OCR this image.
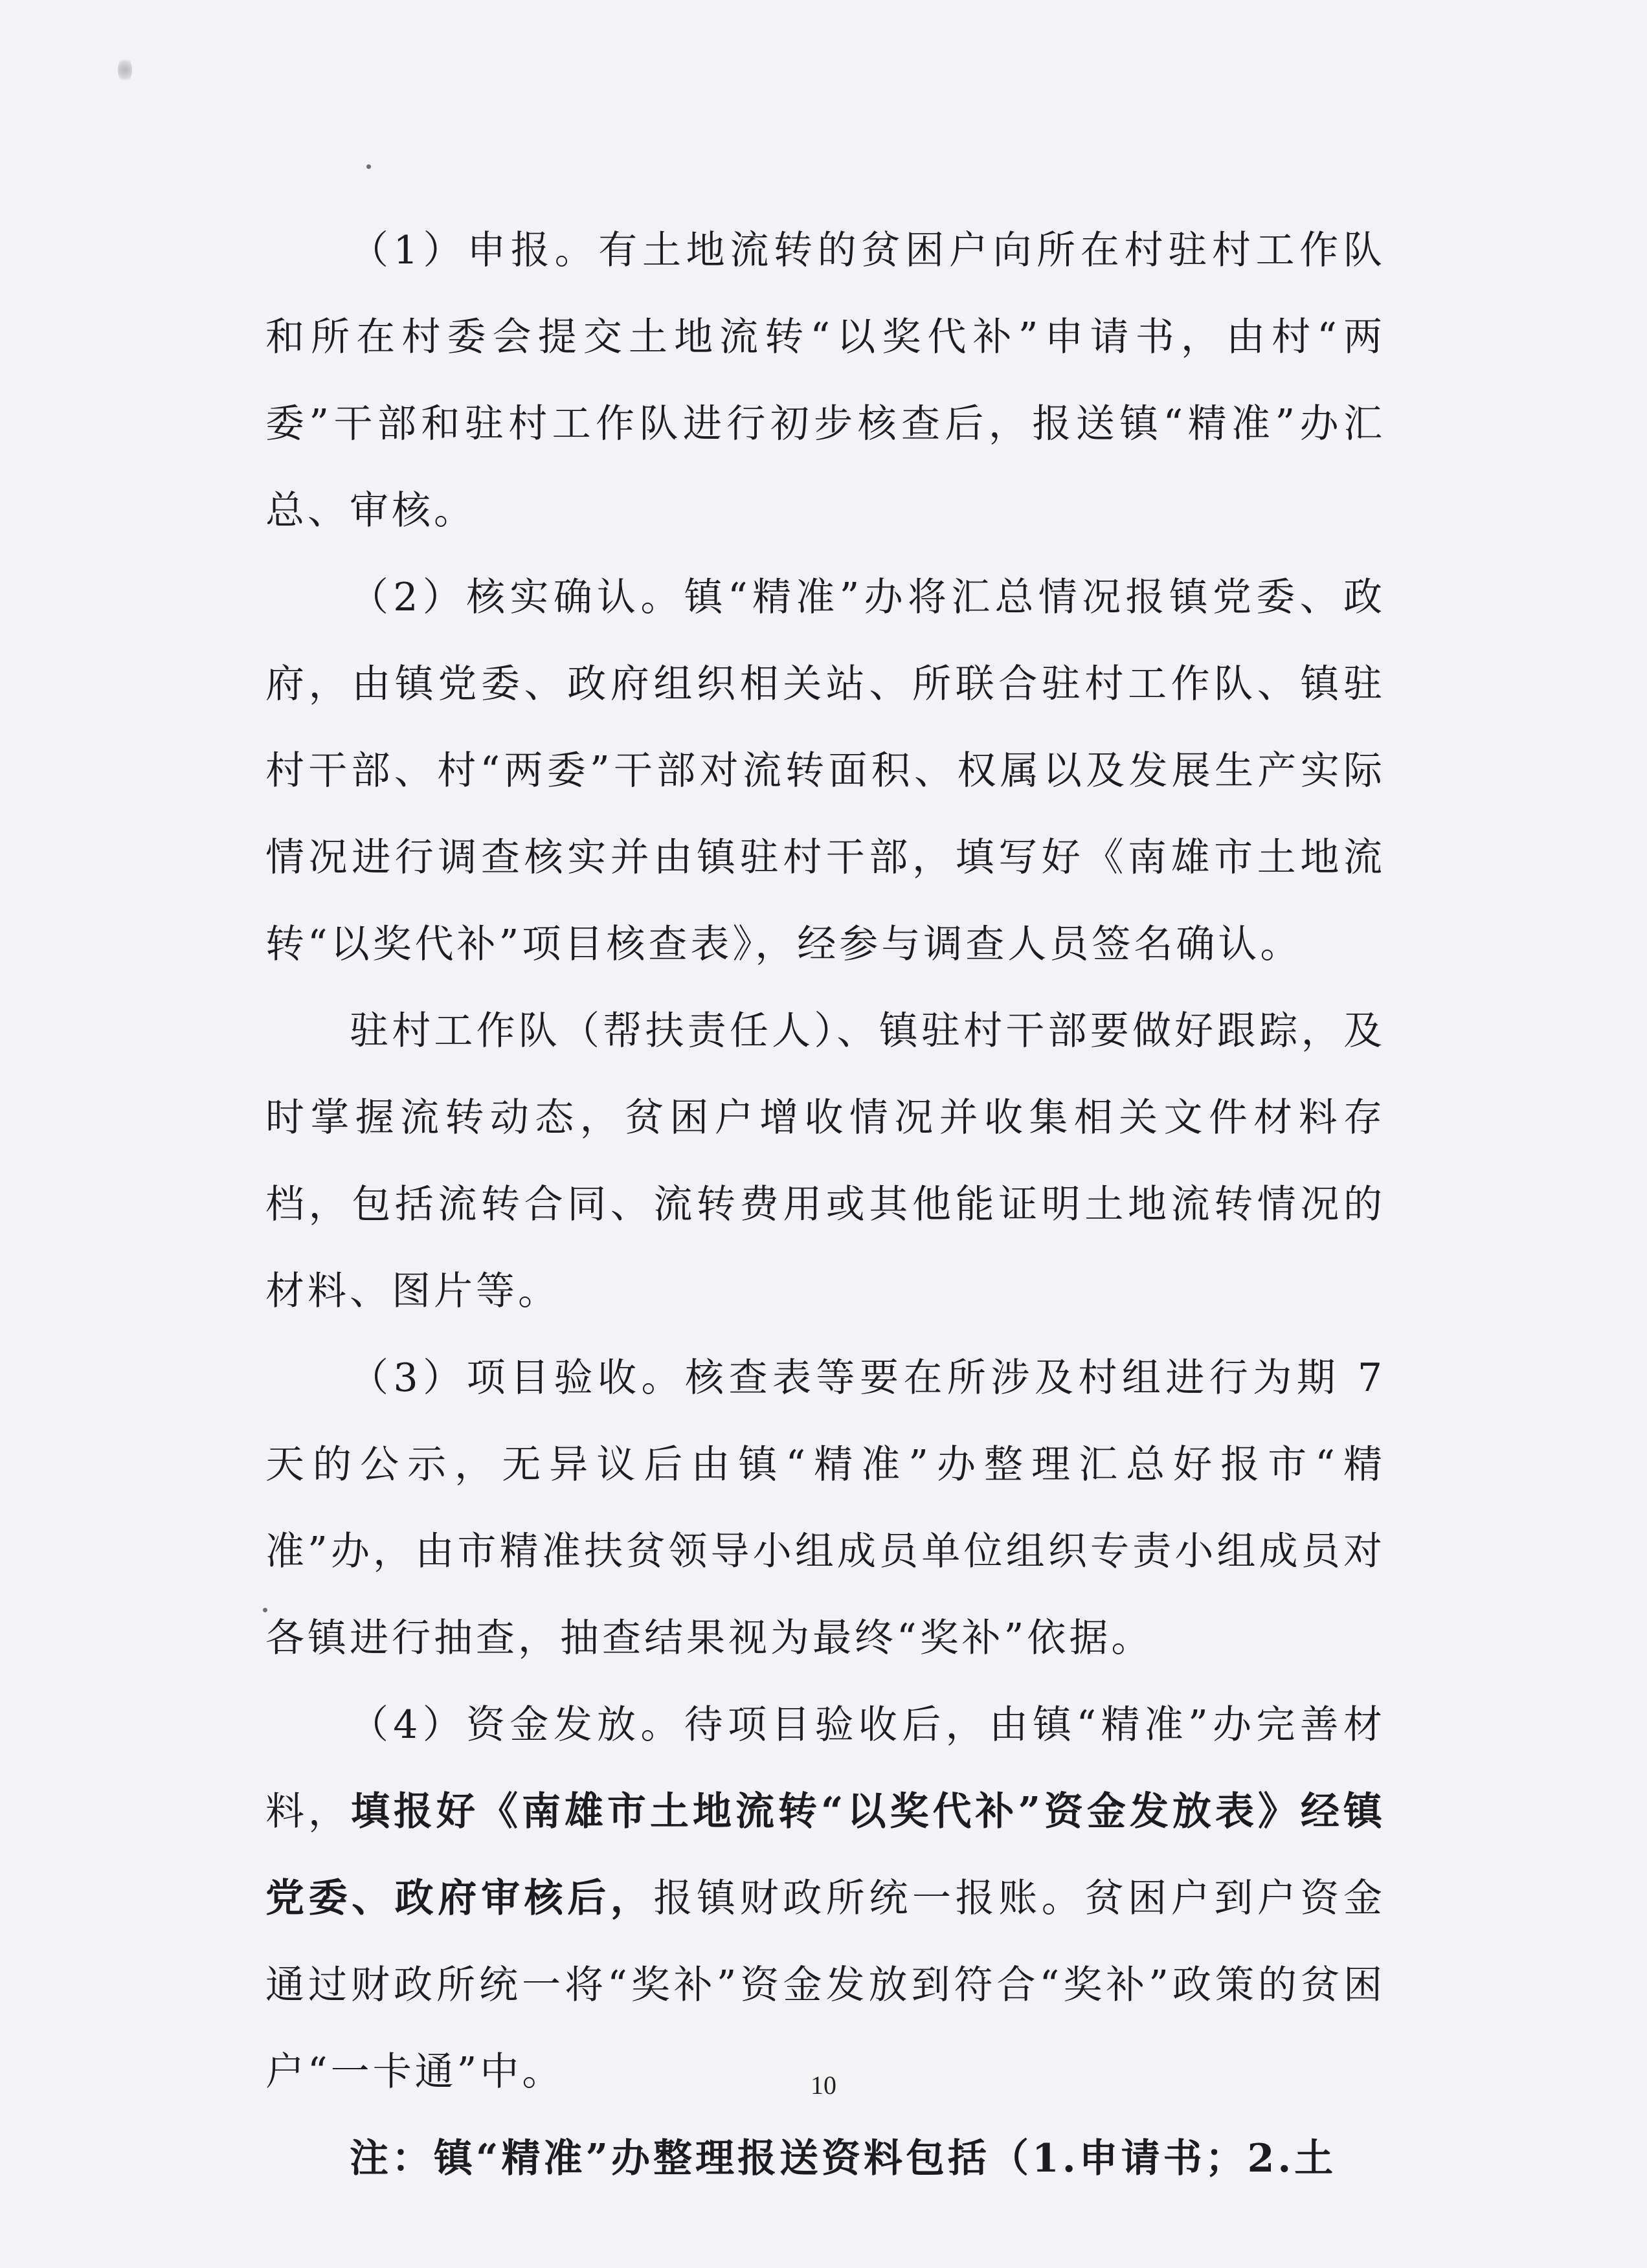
（1）申报。有土地流转的贫困户向所在村驻村工作队和所在村委会提交土地流转“以奖代补”申请书，由村“两委”干部和驻村工作队进行初步核查后，报送镇“精准”办汇总、审核。

（2）核实确认。镇“精准”办将汇总情况报镇党委、政府，由镇党委、政府组织相关站、所联合驻村工作队、镇驻村干部、村“两委”干部对流转面积、权属以及发展生产实际情况进行调查核实并由镇驻村干部，填写好《南雄市土地流转“以奖代补”项目核查表》，经参与调查人员签名确认。

驻村工作队（帮扶责任人）、镇驻村干部要做好跟踪，及时掌握流转动态，贫困户增收情况并收集相关文件材料存档，包括流转合同、流转费用或其他能证明土地流转情况的材料、图片等。

（3）项目验收。核查表等要在所涉及村组进行为期 7 天的公示，无异议后由镇“精准”办整理汇总好报市“精准”办，由市精准扶贫领导小组成员单位组织专责小组成员对各镇进行抽查，抽查结果视为最终“奖补”依据。

（4）资金发放。待项目验收后，由镇“精准”办完善材料，填报好《南雄市土地流转“以奖代补”资金发放表》经镇党委、政府审核后，报镇财政所统一报账。贫困户到户资金通过财政所统一将“奖补”资金发放到符合“奖补”政策的贫困户“一卡通”中。

注：镇“精准”办整理报送资料包括（1.申请书；2.土

10
